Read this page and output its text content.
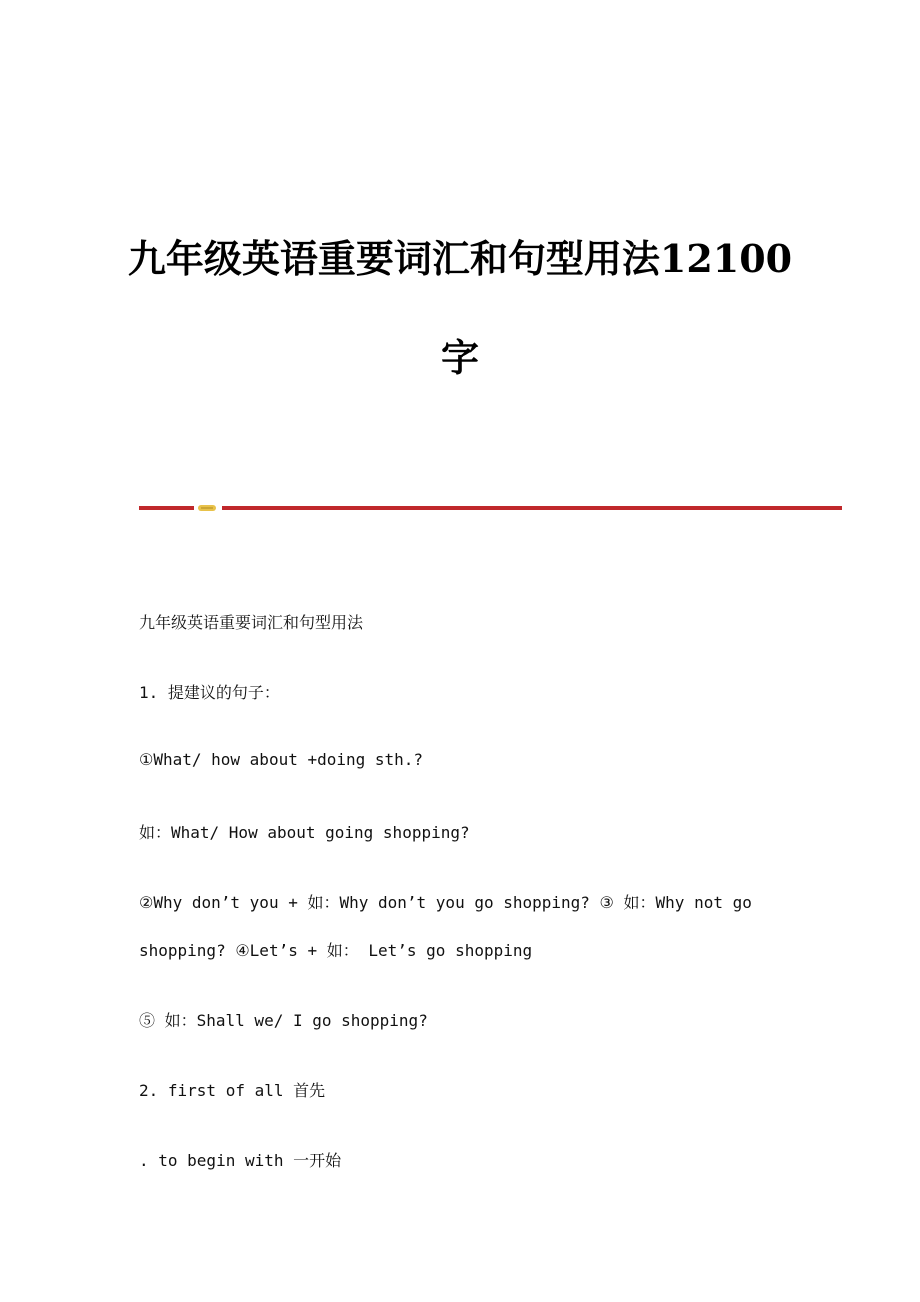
九年级英语重要词汇和句型用法12100
字
九年级英语重要词汇和句型用法
1. 提建议的句子：
①What/ how about +doing sth.?
如：What/ How about going shopping?
②Why don’t you + 如：Why don’t you go shopping? ③ 如：Why not go
shopping? ④Let’s + 如： Let’s go shopping
⑤ 如：Shall we/ I go shopping?
2. first of all 首先
. to begin with 一开始
